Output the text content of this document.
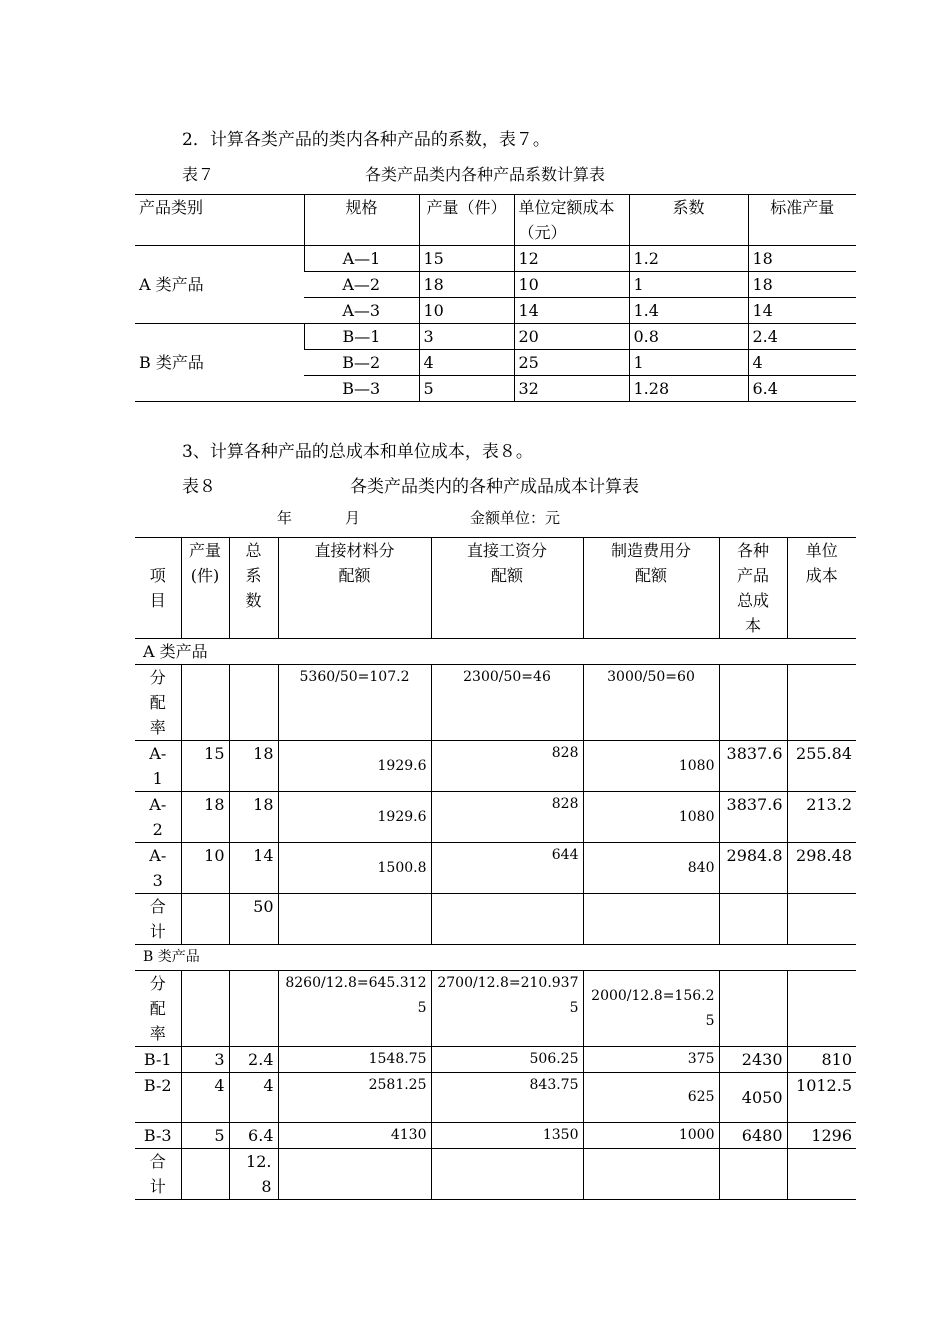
2．计算各类产品的类内各种产品的系数，表７。
表７	各类产品类内各种产品系数计算表
产品类别	规格	产量（件）	单位定额成本（元）	系数	标准产量
A 类产品	A—1	15	12	1.2	18
	A—2	18	10	1	18
	A—3	10	14	1.4	14
B 类产品	B—1	3	20	0.8	2.4
	B—2	4	25	1	4
	B—3	5	32	1.28	6.4
3、计算各种产品的总成本和单位成本，表８。
表８	各类产品类内的各种产成品成本计算表
年	月	金额单位：元
项目	产量(件)	总系数	直接材料分配额	直接工资分配额	制造费用分配额	各种产品总成本	单位成本
A 类产品							
分配率			5360/50=107.2	2300/50=46	3000/50=60		
A-1	15	18	1929.6	828	1080	3837.6	255.84
A-2	18	18	1929.6	828	1080	3837.6	213.2
A-3	10	14	1500.8	644	840	2984.8	298.48
合计		50					
B 类产品							
分配率			8260/12.8=645.3125	2700/12.8=210.9375	2000/12.8=156.25		
B-1	3	2.4	1548.75	506.25	375	2430	810
B-2	4	4	2581.25	843.75	625	4050	1012.5
B-3	5	6.4	4130	1350	1000	6480	1296
合计		12.8					
